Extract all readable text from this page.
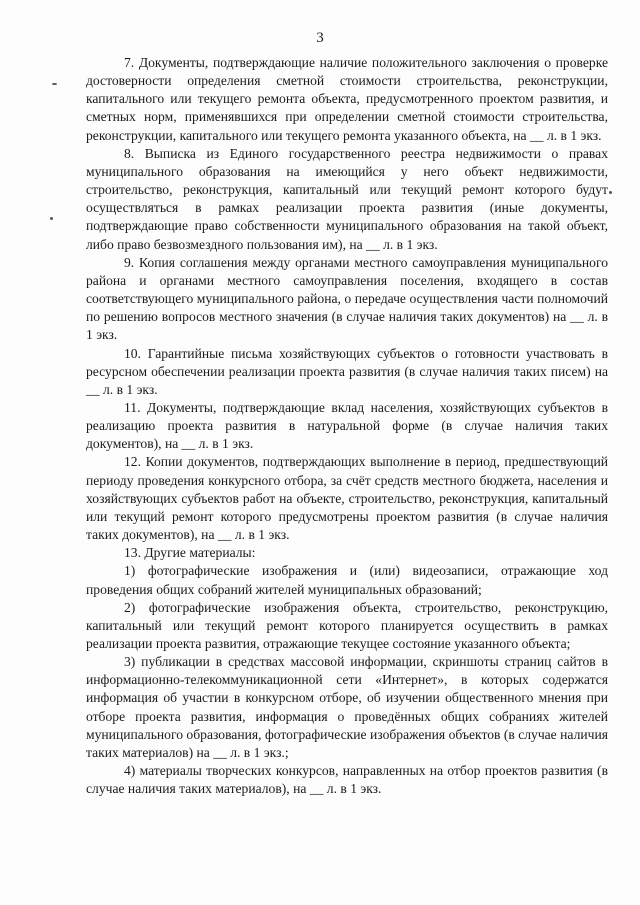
3

7. Документы, подтверждающие наличие положительного заключения о проверке достоверности определения сметной стоимости строительства, реконструкции, капитального или текущего ремонта объекта, предусмотренного проектом развития, и сметных норм, применявшихся при определении сметной стоимости строительства, реконструкции, капитального или текущего ремонта указанного объекта, на __ л. в 1 экз.

8. Выписка из Единого государственного реестра недвижимости о правах муниципального образования на имеющийся у него объект недвижимости, строительство, реконструкция, капитальный или текущий ремонт которого будут осуществляться в рамках реализации проекта развития (иные документы, подтверждающие право собственности муниципального образования на такой объект, либо право безвозмездного пользования им), на __ л. в 1 экз.

9. Копия соглашения между органами местного самоуправления муниципального района и органами местного самоуправления поселения, входящего в состав соответствующего муниципального района, о передаче осуществления части полномочий по решению вопросов местного значения (в случае наличия таких документов) на __ л. в 1 экз.

10. Гарантийные письма хозяйствующих субъектов о готовности участвовать в ресурсном обеспечении реализации проекта развития (в случае наличия таких писем) на __ л. в 1 экз.

11. Документы, подтверждающие вклад населения, хозяйствующих субъектов в реализацию проекта развития в натуральной форме (в случае наличия таких документов), на __ л. в 1 экз.

12. Копии документов, подтверждающих выполнение в период, предшествующий периоду проведения конкурсного отбора, за счёт средств местного бюджета, населения и хозяйствующих субъектов работ на объекте, строительство, реконструкция, капитальный или текущий ремонт которого предусмотрены проектом развития (в случае наличия таких документов), на __ л. в 1 экз.

13. Другие материалы:

1) фотографические изображения и (или) видеозаписи, отражающие ход проведения общих собраний жителей муниципальных образований;

2) фотографические изображения объекта, строительство, реконструкцию, капитальный или текущий ремонт которого планируется осуществить в рамках реализации проекта развития, отражающие текущее состояние указанного объекта;

3) публикации в средствах массовой информации, скриншоты страниц сайтов в информационно-телекоммуникационной сети «Интернет», в которых содержатся информация об участии в конкурсном отборе, об изучении общественного мнения при отборе проекта развития, информация о проведённых общих собраниях жителей муниципального образования, фотографические изображения объектов (в случае наличия таких материалов) на __ л. в 1 экз.;

4) материалы творческих конкурсов, направленных на отбор проектов развития (в случае наличия таких материалов), на __ л. в 1 экз.
